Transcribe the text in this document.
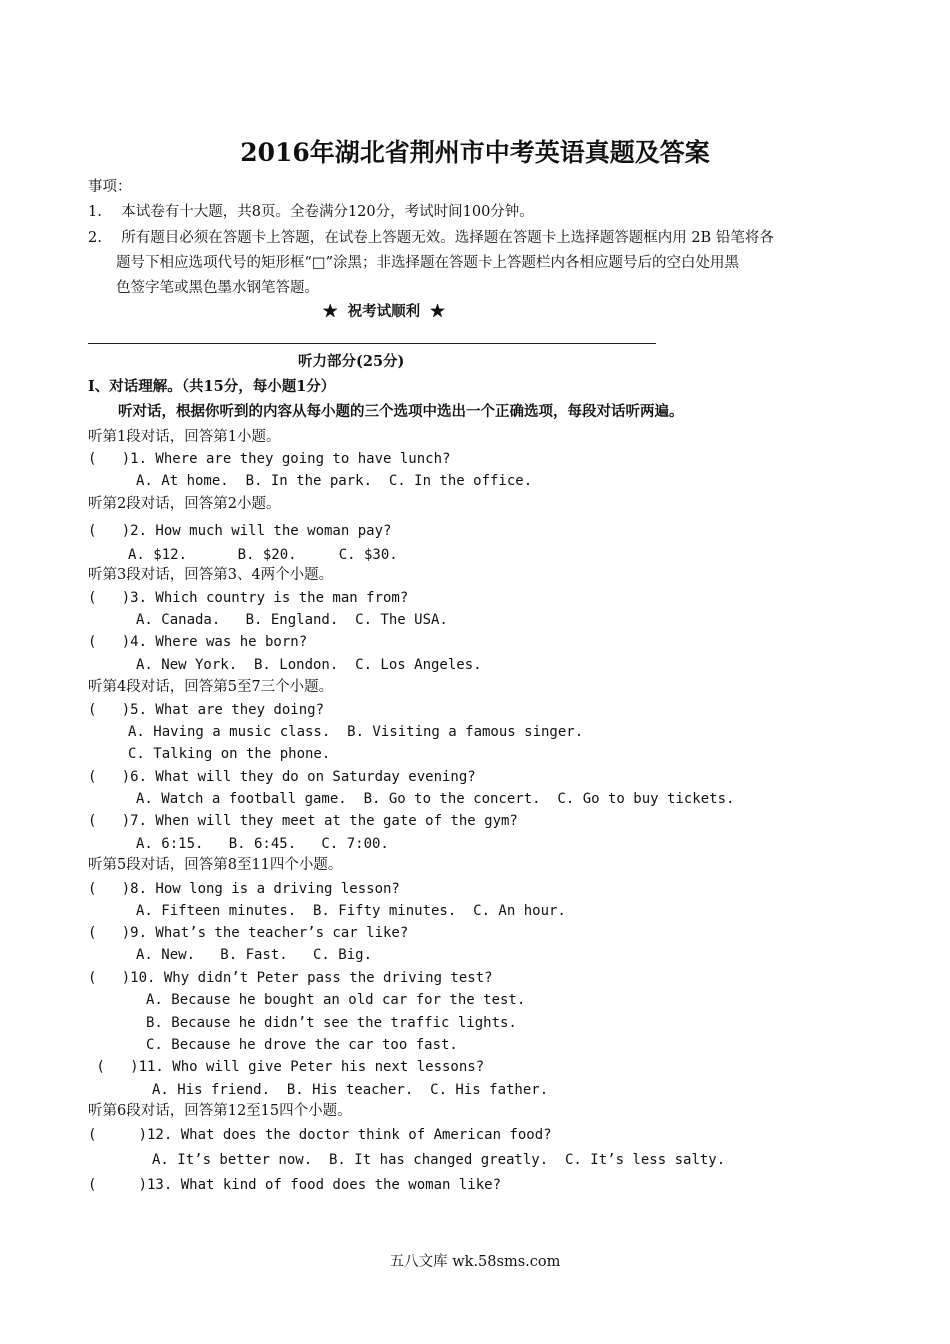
2016年湖北省荆州市中考英语真题及答案
事项：
1. 本试卷有十大题，共8页。全卷满分120分，考试时间100分钟。
2. 所有题目必须在答题卡上答题，在试卷上答题无效。选择题在答题卡上选择题答题框内用 2B 铅笔将各
题号下相应选项代号的矩形框“□”涂黑；非选择题在答题卡上答题栏内各相应题号后的空白处用黑
色签字笔或黑色墨水钢笔答题。
★  祝考试顺利  ★
听力部分(25分)
Ⅰ、对话理解。（共15分，每小题1分）
听对话，根据你听到的内容从每小题的三个选项中选出一个正确选项，每段对话听两遍。
听第1段对话，回答第1小题。
(   )1. Where are they going to have lunch?
A. At home.  B. In the park.  C. In the office.
听第2段对话，回答第2小题。
(   )2. How much will the woman pay?
A. $12.      B. $20.     C. $30.
听第3段对话，回答第3、4两个小题。
(   )3. Which country is the man from?
A. Canada.   B. England.  C. The USA.
(   )4. Where was he born?
A. New York.  B. London.  C. Los Angeles.
听第4段对话，回答第5至7三个小题。
(   )5. What are they doing?
A. Having a music class.  B. Visiting a famous singer.
C. Talking on the phone.
(   )6. What will they do on Saturday evening?
A. Watch a football game.  B. Go to the concert.  C. Go to buy tickets.
(   )7. When will they meet at the gate of the gym?
A. 6:15.   B. 6:45.   C. 7:00.
听第5段对话，回答第8至11四个小题。
(   )8. How long is a driving lesson?
A. Fifteen minutes.  B. Fifty minutes.  C. An hour.
(   )9. What’s the teacher’s car like?
A. New.   B. Fast.   C. Big.
(   )10. Why didn’t Peter pass the driving test?
A. Because he bought an old car for the test.
B. Because he didn’t see the traffic lights.
C. Because he drove the car too fast.
(   )11. Who will give Peter his next lessons?
A. His friend.  B. His teacher.  C. His father.
听第6段对话，回答第12至15四个小题。
(     )12. What does the doctor think of American food?
A. It’s better now.  B. It has changed greatly.  C. It’s less salty.
(     )13. What kind of food does the woman like?
五八文库 wk.58sms.com
